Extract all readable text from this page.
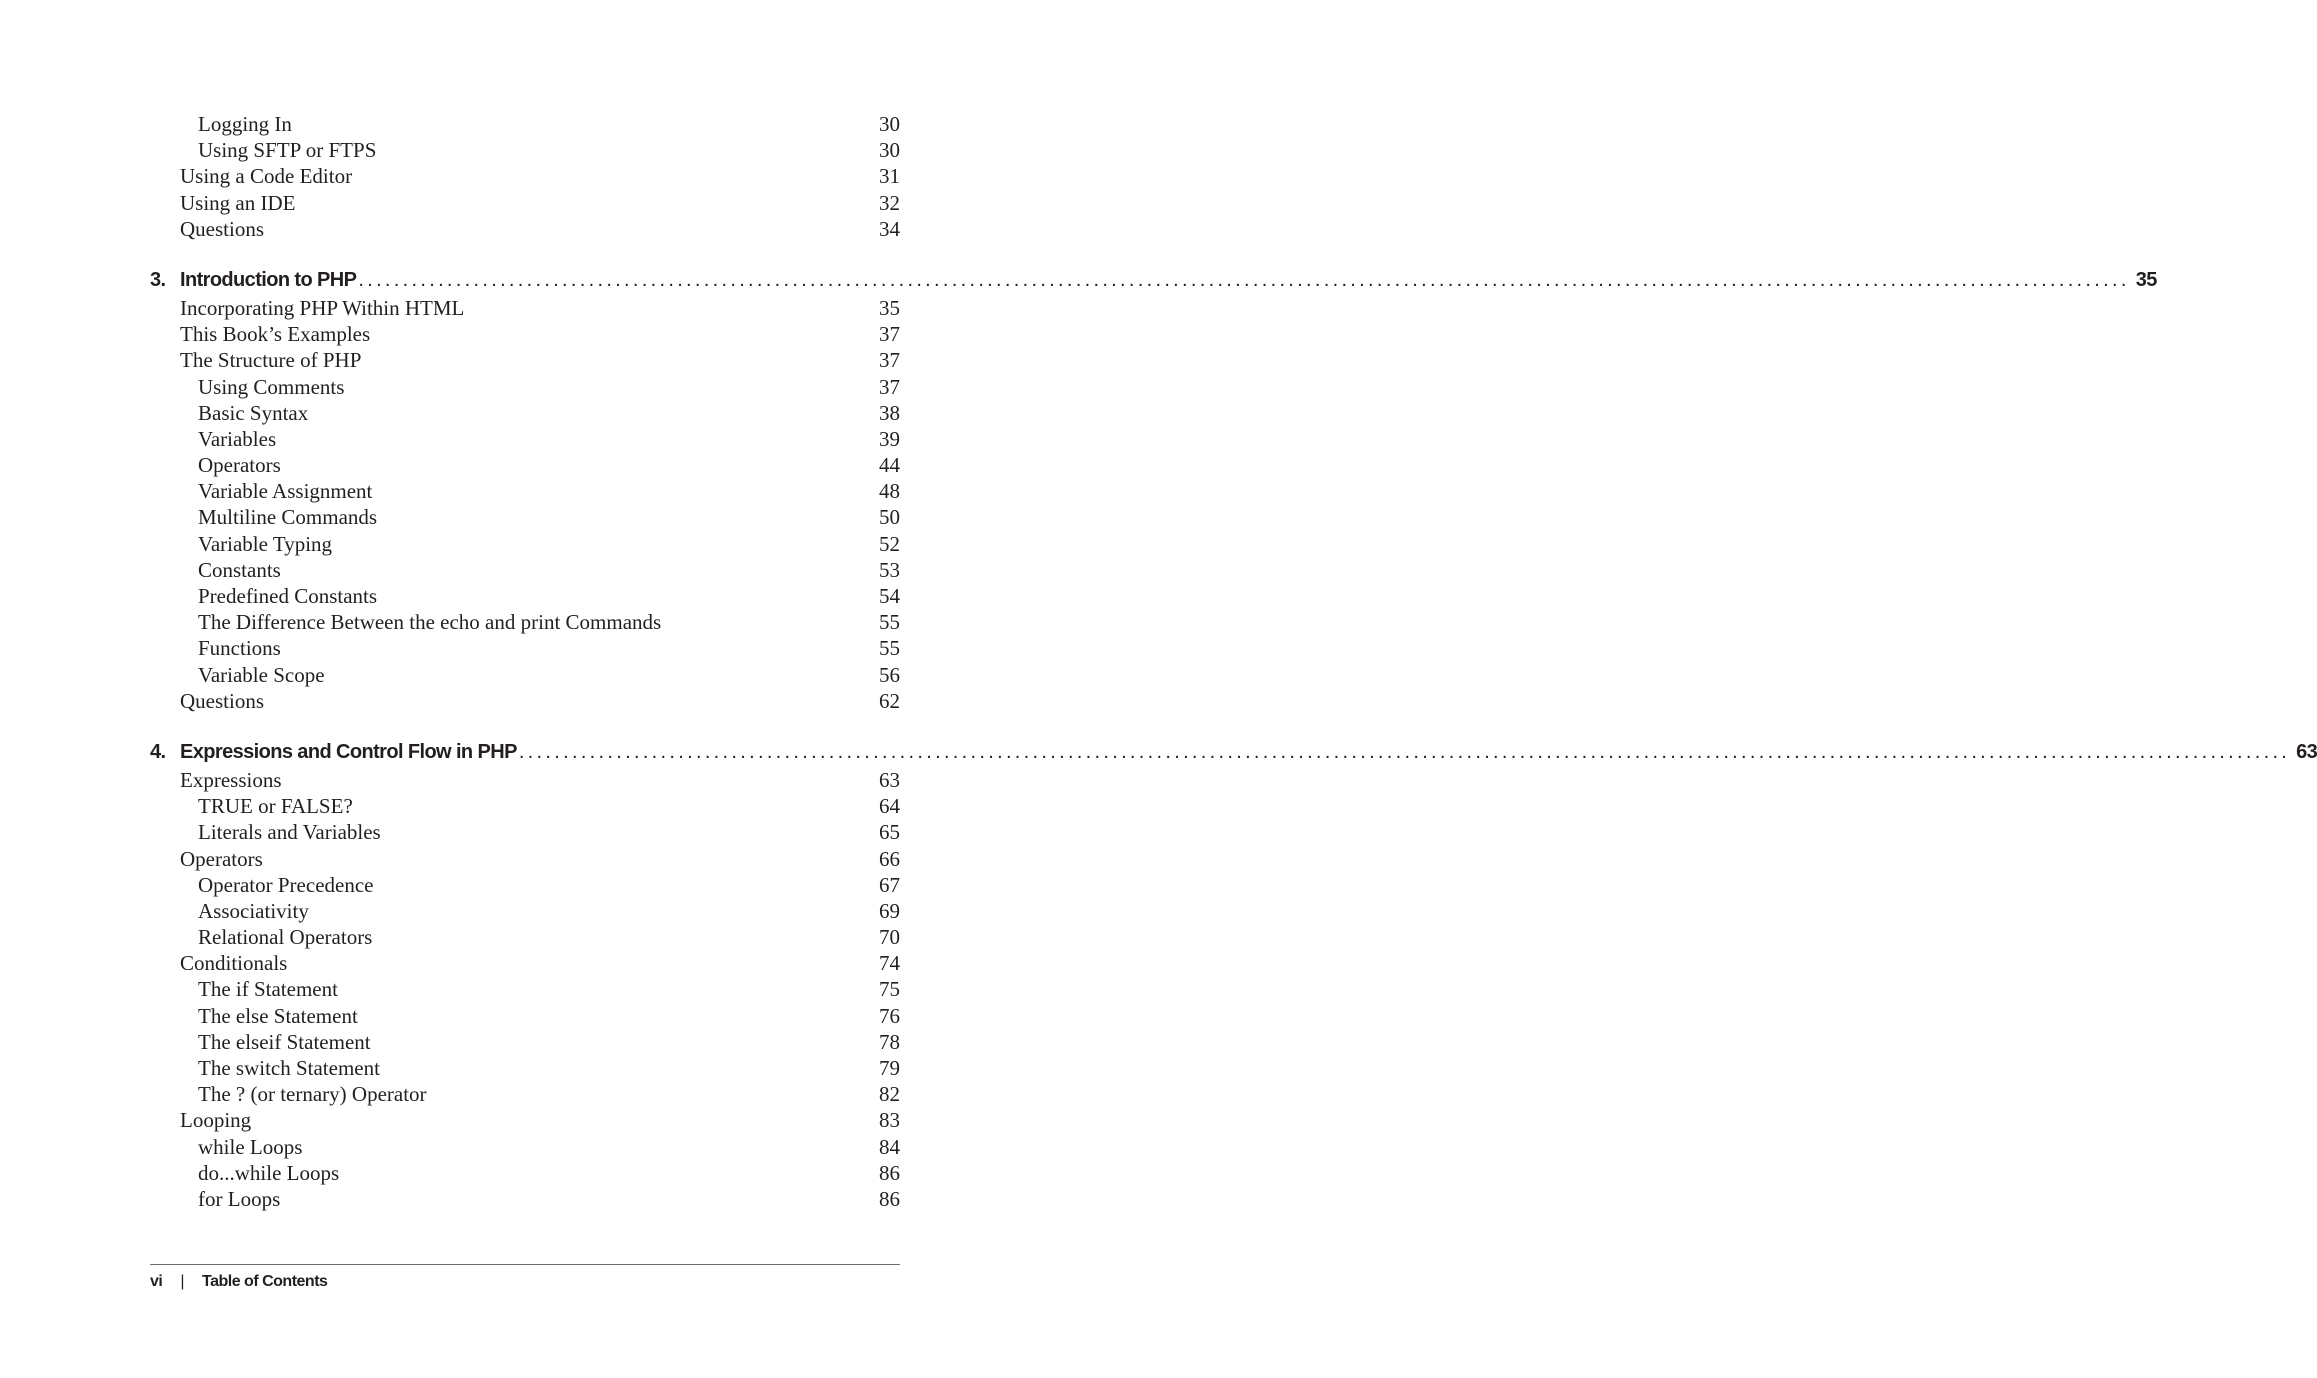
Logging In	30
Using SFTP or FTPS	30
Using a Code Editor	31
Using an IDE	32
Questions	34
3. Introduction to PHP ........................................................................................................................................................................................................ 35
Incorporating PHP Within HTML	35
This Book’s Examples	37
The Structure of PHP	37
Using Comments	37
Basic Syntax	38
Variables	39
Operators	44
Variable Assignment	48
Multiline Commands	50
Variable Typing	52
Constants	53
Predefined Constants	54
The Difference Between the echo and print Commands	55
Functions	55
Variable Scope	56
Questions	62
4. Expressions and Control Flow in PHP ........................................................................................................................................................................................................ 63
Expressions	63
TRUE or FALSE?	64
Literals and Variables	65
Operators	66
Operator Precedence	67
Associativity	69
Relational Operators	70
Conditionals	74
The if Statement	75
The else Statement	76
The elseif Statement	78
The switch Statement	79
The ? (or ternary) Operator	82
Looping	83
while Loops	84
do...while Loops	86
for Loops	86
vi | Table of Contents
